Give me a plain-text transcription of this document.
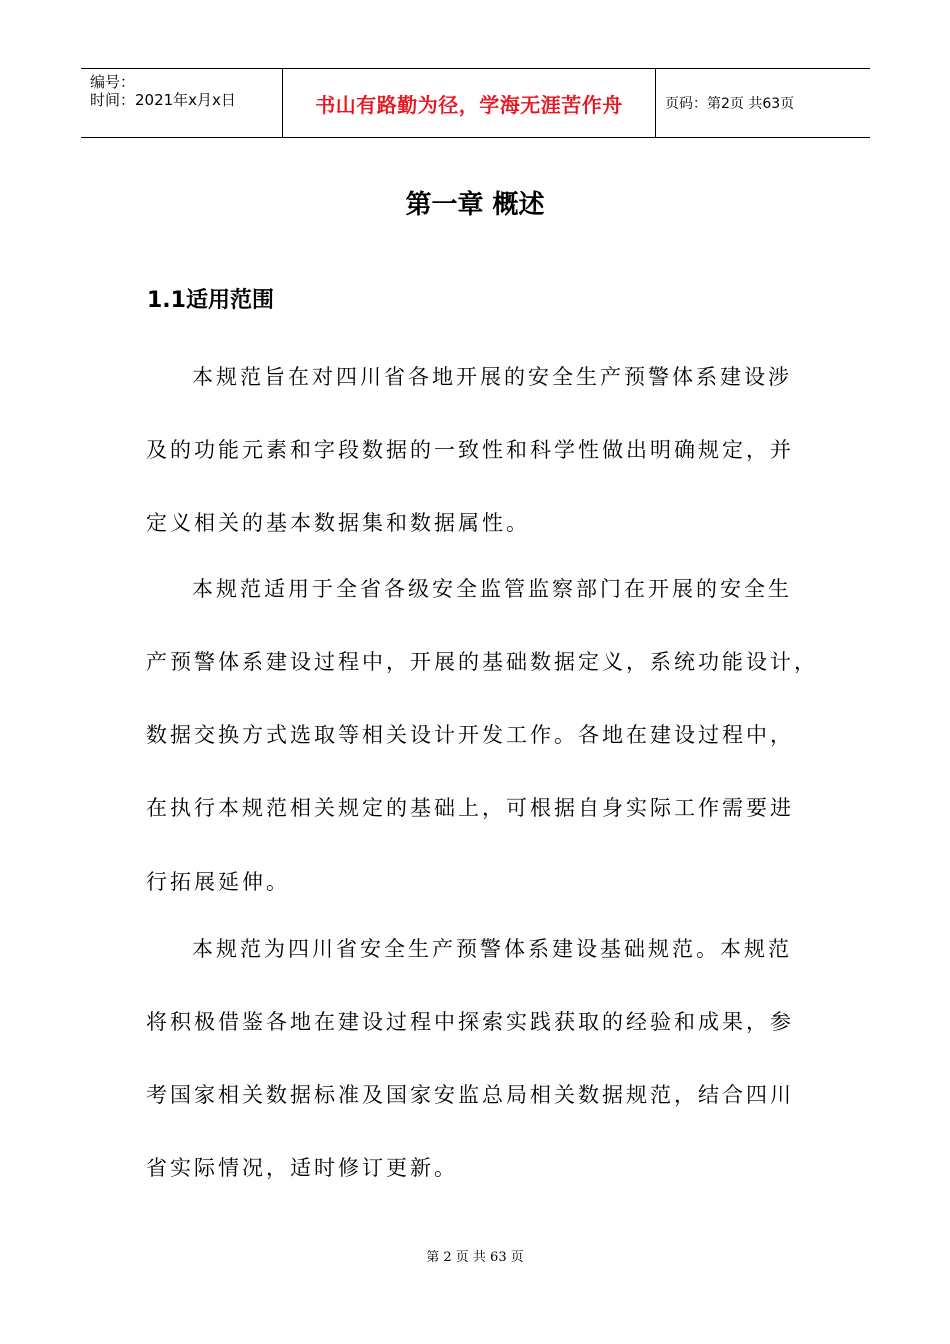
编号：
时间：2021年x月x日	书山有路勤为径，学海无涯苦作舟	页码：第2页 共63页
第一章 概述
1.1适用范围
本规范旨在对四川省各地开展的安全生产预警体系建设涉
及的功能元素和字段数据的一致性和科学性做出明确规定，并
定义相关的基本数据集和数据属性。
本规范适用于全省各级安全监管监察部门在开展的安全生
产预警体系建设过程中，开展的基础数据定义，系统功能设计，
数据交换方式选取等相关设计开发工作。各地在建设过程中，
在执行本规范相关规定的基础上，可根据自身实际工作需要进
行拓展延伸。
本规范为四川省安全生产预警体系建设基础规范。本规范
将积极借鉴各地在建设过程中探索实践获取的经验和成果，参
考国家相关数据标准及国家安监总局相关数据规范，结合四川
省实际情况，适时修订更新。
第 2 页 共 63 页
